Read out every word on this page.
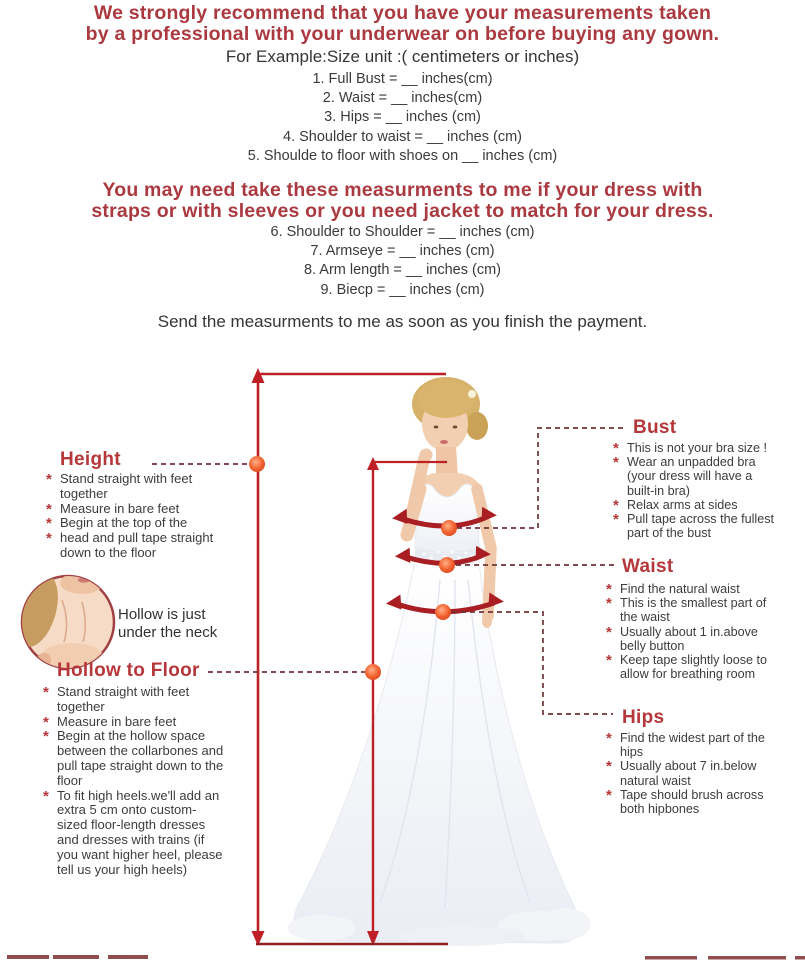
We strongly recommend that you have your measurements taken
by a professional with your underwear on before buying any gown.
For Example:Size unit :( centimeters or inches)
1. Full Bust = __ inches(cm)
2. Waist = __ inches(cm)
3. Hips = __ inches (cm)
4. Shoulder to waist = __ inches (cm)
5. Shoulde to floor with shoes on __ inches (cm)
You may need take these measurments to me if your dress with
straps or with sleeves or you need jacket to match for your dress.
6. Shoulder to Shoulder = __ inches (cm)
7. Armseye = __ inches (cm)
8. Arm length = __ inches (cm)
9. Biecp = __ inches (cm)
Send the measurments to me as soon as you finish the payment.
Height
* Stand straight with feet together
* Measure in bare feet
* Begin at the top of the
* head and pull tape straight down to the floor
Hollow is just
under the neck
Hollow to Floor
* Stand straight with feet together
* Measure in bare feet
* Begin at the hollow space between the collarbones and pull tape straight down to the floor
* To fit high heels.we'll add an extra 5 cm onto custom-sized floor-length dresses and dresses with trains (if you want higher heel, please tell us your high heels)
Bust
* This is not your bra size !
* Wear an unpadded bra (your dress will have a built-in bra)
* Relax arms at sides
* Pull tape across the fullest part of the bust
Waist
* Find the natural waist
* This is the smallest part of the waist
* Usually about 1 in.above belly button
* Keep tape slightly loose to allow for breathing room
Hips
* Find the widest part of the hips
* Usually about 7 in.below natural waist
* Tape should brush across both hipbones
